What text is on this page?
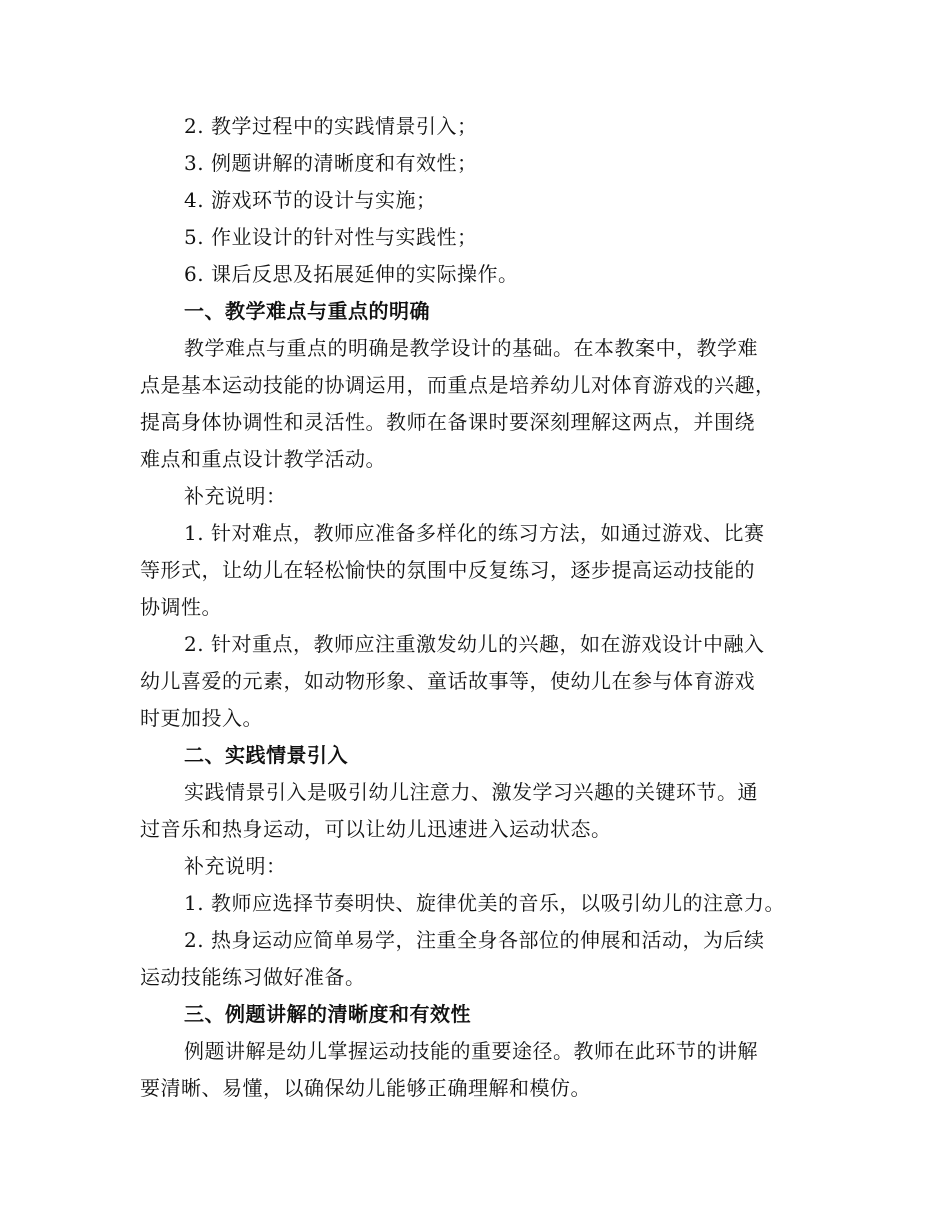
2. 教学过程中的实践情景引入；
3. 例题讲解的清晰度和有效性；
4. 游戏环节的设计与实施；
5. 作业设计的针对性与实践性；
6. 课后反思及拓展延伸的实际操作。
一、教学难点与重点的明确
教学难点与重点的明确是教学设计的基础。在本教案中，教学难
点是基本运动技能的协调运用，而重点是培养幼儿对体育游戏的兴趣，
提高身体协调性和灵活性。教师在备课时要深刻理解这两点，并围绕
难点和重点设计教学活动。
补充说明：
1. 针对难点，教师应准备多样化的练习方法，如通过游戏、比赛
等形式，让幼儿在轻松愉快的氛围中反复练习，逐步提高运动技能的
协调性。
2. 针对重点，教师应注重激发幼儿的兴趣，如在游戏设计中融入
幼儿喜爱的元素，如动物形象、童话故事等，使幼儿在参与体育游戏
时更加投入。
二、实践情景引入
实践情景引入是吸引幼儿注意力、激发学习兴趣的关键环节。通
过音乐和热身运动，可以让幼儿迅速进入运动状态。
补充说明：
1. 教师应选择节奏明快、旋律优美的音乐，以吸引幼儿的注意力。
2. 热身运动应简单易学，注重全身各部位的伸展和活动，为后续
运动技能练习做好准备。
三、例题讲解的清晰度和有效性
例题讲解是幼儿掌握运动技能的重要途径。教师在此环节的讲解
要清晰、易懂，以确保幼儿能够正确理解和模仿。
